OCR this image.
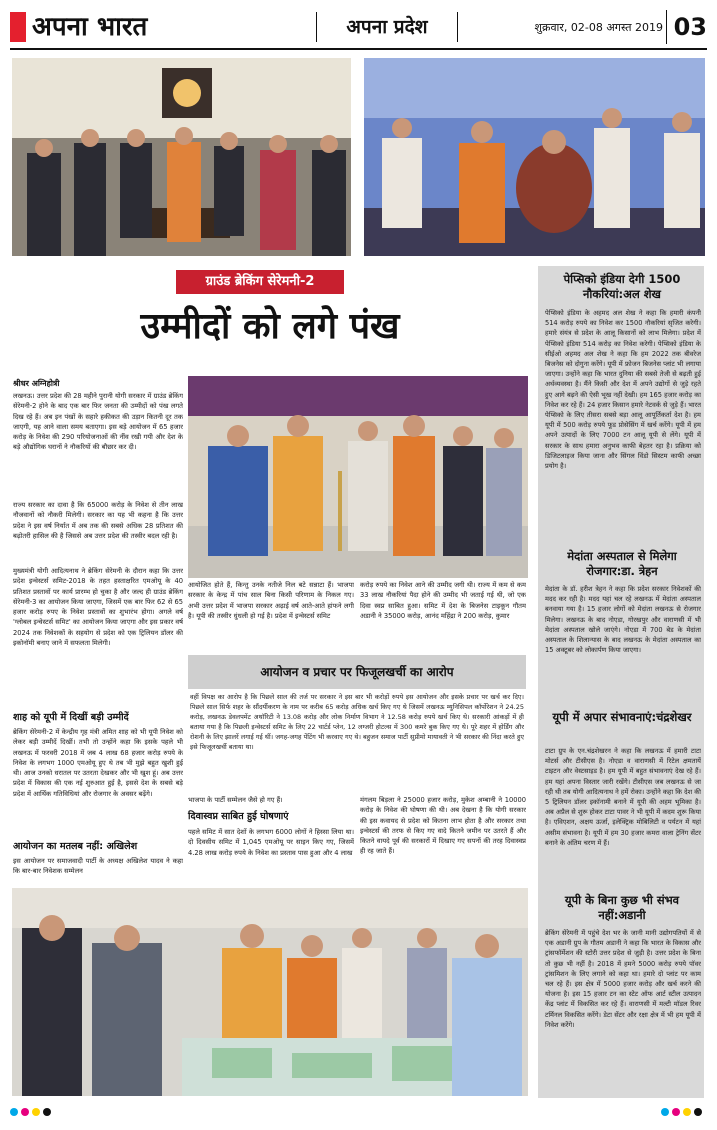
अपना भारत	अपना प्रदेश	शुक्रवार, 02-08 अगस्त 2019 03
ग्राउंड ब्रेकिंग सेरेमनी-2
उम्मीदों को लगे पंख
श्रीधर अग्निहोत्री

लखनऊ। उत्तर प्रदेश की 28 महीने पुरानी योगी सरकार में ग्राउंड ब्रेकिंग सेरेमनी-2 होने के बाद एक बार फिर जनता की उम्मीदों को पंख लगते दिख रहे हैं। अब इन पंखों के सहारे हकीकत की उड़ान कितनी दूर तक जाएगी, यह आने वाला समय बताएगा। इस बड़े आयोजन में 65 हजार करोड़ के निवेश की 290 परियोजनाओं की नींव रखी गयी और देश के बड़े औद्योगिक घरानों ने नौकरियों की बौछार कर दी।

राज्य सरकार का दावा है कि 65000 करोड़ के निवेश से तीन लाख नौजवानों को नौकरी मिलेगी। सरकार का यह भी कहना है कि उत्तर प्रदेश ने इस वर्ष निर्यात में अब तक की सबसे अधिक 28 प्रतिशत की बढ़ोतरी हासिल की है जिससे अब उत्तर प्रदेश की तस्वीर बदल रही है।

मुख्यमंत्री योगी आदित्यनाथ ने ब्रेकिंग सेरेमनी के दौरान कहा कि उत्तर प्रदेश इन्वेस्टर्स समिट-2018 के तहत हस्ताक्षरित एमओयू के 40 प्रतिशत प्रस्तावों पर कार्य प्रारम्भ हो चुका है और जल्द ही ग्राउंड ब्रेकिंग सेरेमनी-3 का आयोजन किया जाएगा, जिसमें एक बार फिर 62 से 65 हजार करोड़ रुपए के निवेश प्रस्तावों का शुभारंभ होगा। अगले वर्ष 'ग्लोबल इन्वेस्टर्स समिट' का आयोजन किया जाएगा और इस प्रकार वर्ष 2024 तक निवेशकों के सहयोग से प्रदेश को एक ट्रिलियन डॉलर की इकोनॉमी बनाए जाने में सफलता मिलेगी।

शाह को यूपी में दिखीं बड़ी उम्मीदें

ब्रेकिंग सेरेमनी-2 में केन्द्रीय गृह मंत्री अमित शाह को भी यूपी निवेश को लेकर बड़ी उम्मीदें दिखीं। तभी तो उन्होंने कहा कि इसके पहले भी लखनऊ में फरवरी 2018 में जब 4 लाख 68 हजार करोड़ रुपये के निवेश के लगभग 1000 एमओयू हुए थे तब भी मुझे बहुत खुशी हुई थी। आज उनको धरातल पर उतरता देखकर और भी खुश हूं। अब उत्तर प्रदेश में विकास की एक नई शुरुआत हुई है, इससे देश के सबसे बड़े प्रदेश में आर्थिक गतिविधियां और रोजगार के अवसर बढ़ेंगे।

आयोजन का मतलब नहीं: अखिलेश

इस आयोजन पर समाजवादी पार्टी के अध्यक्ष अखिलेश यादव ने कहा कि बार-बार निवेशक सम्मेलन

आयोजित होते हैं, किन्तु उनके नतीजे निल बटे सन्नाटा हैं। भाजपा सरकार के केन्द्र में पांच साल बिना किसी परिणाम के निकल गए। अभी उत्तर प्रदेश में भाजपा सरकार अढ़ाई वर्ष आते-आते हांफने लगी है। यूपी की तस्वीर धुंधली हो गई है। प्रदेश में इन्वेस्टर्स समिट

करोड़ रुपये का निवेश आने की उम्मीद जगी थी। राज्य में कम से कम 33 लाख नौकरियां पैदा होने की उम्मीद भी जताई गई थी, जो एक दिवा स्वप्न साबित हुआ। समिट में देश के बिजनेस टाइकून गौतम अडानी ने 35000 करोड़, आनंद महिंद्रा ने 200 करोड़, कुमार

आयोजन व प्रचार पर फिजूलखर्ची का आरोप

वहीं विपक्ष का आरोप है कि पिछले साल की तर्ज पर सरकार ने इस बार भी करोड़ों रुपये इस आयोजन और इसके प्रचार पर खर्च कर दिए। पिछले साल सिर्फ शहर के सौंदर्यीकरण के नाम पर करीब 65 करोड़ अधिक खर्च किए गए थे जिसमें लखनऊ म्युनिसिपल कॉर्पोरेशन ने 24.25 करोड़, लखनऊ डेवलपमेंट अथॉरिटी ने 13.08 करोड़ और लोक निर्माण विभाग ने 12.58 करोड़ रुपये खर्च किए थे। सरकारी आंकड़ों में ही बताया गया है कि पिछली इन्वेस्टर्स समिट के लिए 22 चार्टर्ड प्लेन, 12 लग्जरी होटल्स में 300 कमरे बुक किए गए थे। पूरे शहर में होर्डिंग और रोशनी के लिए झालरें लगाई गई थीं। जगह-जगह पेंटिंग भी करवाए गए थे। बहुजन समाज पार्टी सुप्रीमो मायावती ने भी सरकार की निंदा करते हुए इसे फिजूलखर्ची बताया था।

भाजपा के पार्टी सम्मेलन जैसे हो गए हैं।

दिवास्वप्न साबित हुई घोषणाएं

पहले समिट में सात देशों के लगभग 6000 लोगों ने हिस्सा लिया था। दो दिवसीय समिट में 1,045 एमओयू पर साइन किए गए, जिसमें 4.28 लाख करोड़ रुपये के निवेश का प्रस्ताव पास हुआ और 4 लाख

मंगलम बिड़ला ने 25000 हजार करोड़, मुकेश अम्बानी ने 10000 करोड़ के निवेश की घोषणा की थी। अब देखना है कि योगी सरकार की इस कवायद से प्रदेश को कितना लाभ होता है और सरकार तथा इन्वेस्टर्स की तरफ से किए गए वादे कितने जमीन पर उतरते हैं और कितने वायदे पूर्व की सरकारों में दिखाए गए सपनों की तरह दिवास्वप्न ही रह जाते हैं।

पेप्सिको इंडिया देगी 1500 नौकरियां:अल शेख

पेप्सिको इंडिया के अहमद अल शेख ने कहा कि हमारी कंपनी 514 करोड़ रुपये का निवेश कर 1500 नौकरियां सृजित करेगी। हमारे संयंत्र से प्रदेश के आलू किसानों को लाभ मिलेगा। प्रदेश में पेप्सिको इंडिया 514 करोड़ का निवेश करेगी। पेप्सिको इंडिया के सीईओ अहमद अल शेख ने कहा कि हम 2022 तक बीवरेज बिजनेस को दोगुना करेंगे। यूपी में फ्रोजन बिजनेस प्लांट भी लगाया जाएगा। उन्होंने कहा कि भारत दुनिया की सबसे तेजी से बढ़ती हुई अर्थव्यवस्था है। मैंने किसी और देश में अपने उद्योगों से जुड़े रहते हुए आगे बढ़ने की ऐसी भूख नहीं देखी। हम 165 हजार करोड़ का निवेश कर रहे हैं। 24 हजार किसान हमारे नेटवर्क से जुड़े हैं। भारत पेप्सिको के लिए तीसरा सबसे बड़ा आलू आपूर्तिकर्ता देश है। हम यूपी में 500 करोड़ रुपये फूड प्रोसेसिंग में खर्च करेंगे। यूपी में हम अपने उत्पादों के लिए 7000 टन आलू यूपी से लेंगे। यूपी में सरकार के साथ हमारा अनुभव काफी बेहतर रहा है। प्रक्रिया को डिजिटलाइज किया जाना और सिंगल विंडो सिस्टम काफी अच्छा प्रयोग है।

मेदांता अस्पताल से मिलेगा रोजगार:डा. त्रेहन

मेदांता के डॉ. हरीश त्रेहन ने कहा कि प्रदेश सरकार निवेशकों की मदद कर रही है। मदद यहां चल रहे लखनऊ में मेदांता अस्पताल बनवाया गया है। 15 हजार लोगों को मेदांता लखनऊ से रोजगार मिलेगा। लखनऊ के बाद नोएडा, गोरखपुर और वाराणसी में भी मेदांता अस्पताल खोले जाएंगे। नोएडा में 700 बेड के मेदांता अस्पताल के शिलान्यास के बाद लखनऊ के मेदांता अस्पताल का 15 अक्टूबर को लोकार्पण किया जाएगा।

यूपी में अपार संभावनाएं:चंद्रशेखर

टाटा ग्रुप के एन.चंद्रशेखरन ने कहा कि लखनऊ में हमारी टाटा मोटर्स और टीसीएस है। नोएडा व वाराणसी में रिटेल क्षमतायें टाइटन और वेस्टसाइड है। हम यूपी में बहुत संभावनाएं देख रहे हैं। हम यहां अपना विस्तार जारी रखेंगे। टीसीएस जब लखनऊ से जा रही थी तब योगी आदित्यनाथ ने हमें रोका। उन्होंने कहा कि देश की 5 ट्रिलियन डॉलर इकॉनामी बनाने में यूपी की अहम भूमिका है। अब अप्रैल से शुरू होकर टाटा पावर ने भी यूपी में कदम शुरू किया है। एविएशन, अक्षय ऊर्जा, इलेक्ट्रिक मोबिलिटी व पर्यटन में यहां असीम संभावना है। यूपी में हम 30 हजार कमरा वाला ट्रेनिंग सेंटर बनाने के अंतिम चरण में हैं।

यूपी के बिना कुछ भी संभव नहीं:अडानी

ब्रेकिंग सेरेमनी में पहुंचे देश भर के जानी मानी उद्योगपतियों में से एक अडानी ग्रुप के गौतम अडानी ने कहा कि भारत के विकास और ट्रांसफॉर्मेशन की स्टोरी उत्तर प्रदेश से जुड़ी है। उत्तर प्रदेश के बिना तो कुछ भी नहीं है। 2018 में हमने 5000 करोड़ रुपये पॉवर ट्रांसमिशन के लिए लगाने को कहा था। हमारे दो प्लांट पर काम चल रहे हैं। इस क्षेत्र में 5000 हजार करोड़ और खर्च करने की योजना है। इस 15 हजार टन का स्टेट ऑफ आर्ट स्टील उत्पादन केंद्र प्लांट में विकसित कर रहे हैं। वाराणसी में मल्टी मॉडल रिवर टर्मिनल विकसित करेंगे। डेटा सेंटर और रक्षा क्षेत्र में भी हम यूपी में निवेश करेंगे।
